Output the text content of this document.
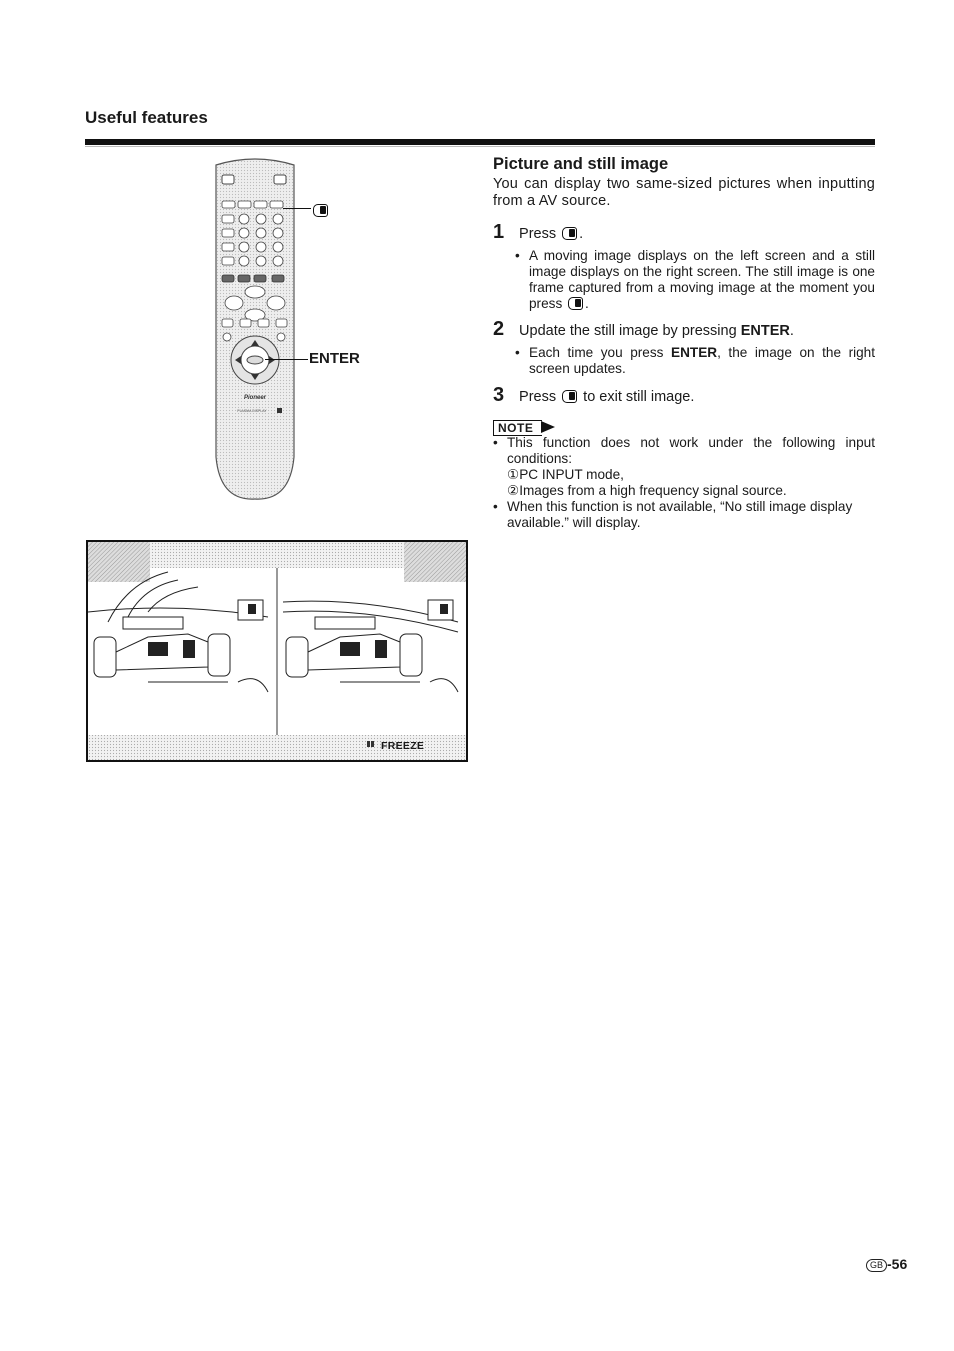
Useful features
Pioneer
PLASMA DISPLAY
ENTER
FREEZE
Picture and still image
You can display two same-sized pictures when inputting from a AV source.
1 Press .
• A moving image displays on the left screen and a still image displays on the right screen. The still image is one frame captured from a moving image at the moment you press .
2 Update the still image by pressing ENTER.
• Each time you press ENTER, the image on the right screen updates.
3 Press to exit still image.
NOTE
• This function does not work under the following input conditions:
①PC INPUT mode,
②Images from a high frequency signal source.
• When this function is not available, “No still image display available.” will display.
GB -56
